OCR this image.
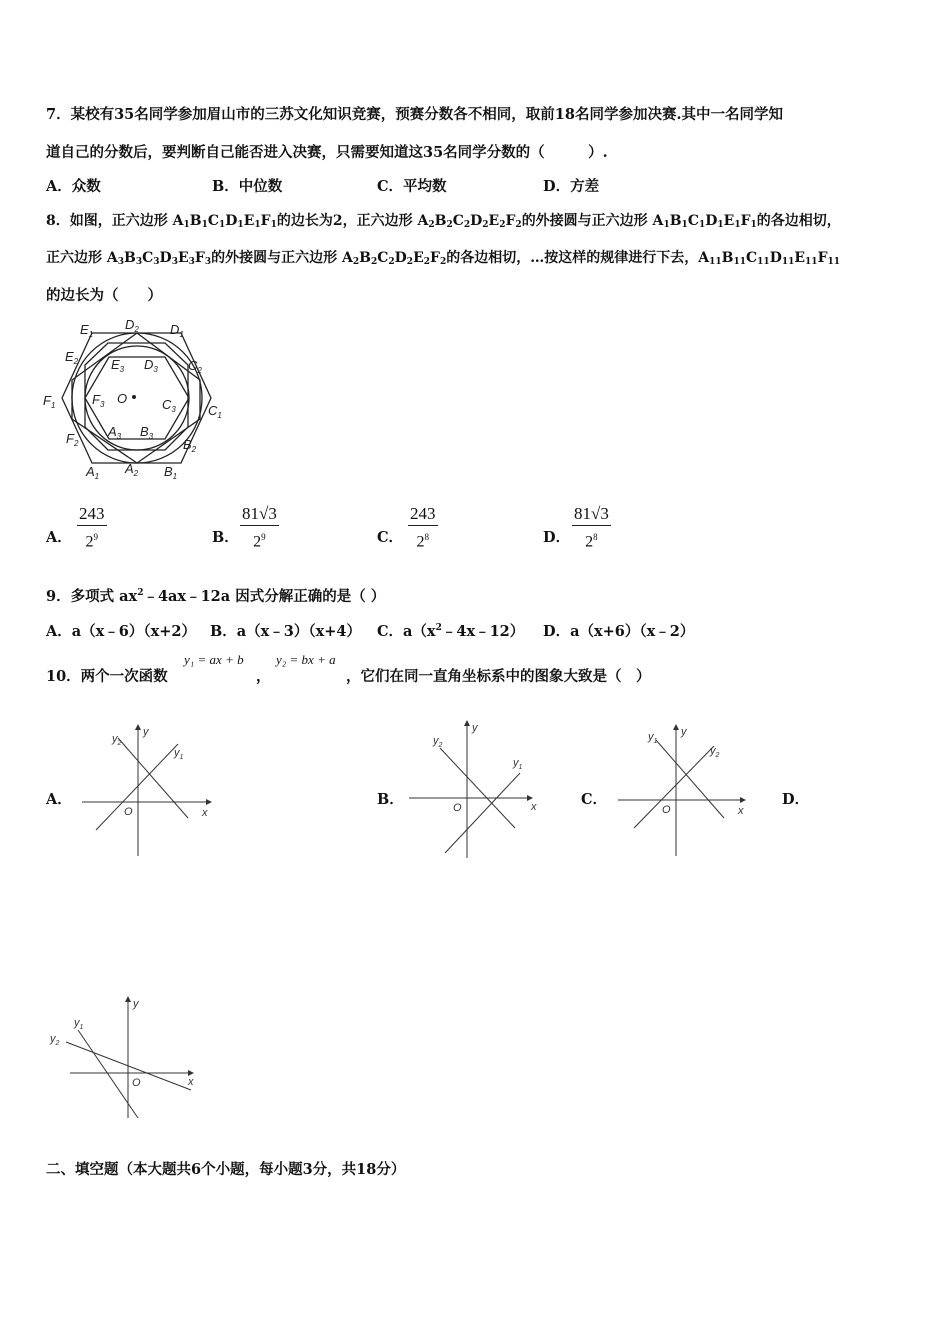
7．某校有35名同学参加眉山市的三苏文化知识竞赛，预赛分数各不相同，取前18名同学参加决赛.其中一名同学知
道自己的分数后，要判断自己能否进入决赛，只需要知道这35名同学分数的（　　　）.
A．众数	B．中位数	C．平均数	D．方差
8．如图，正六边形 $A_1B_1C_1D_1E_1F_1$的边长为2，正六边形 $A_2B_2C_2D_2E_2F_2$的外接圆与正六边形 $A_1B_1C_1D_1E_1F_1$的各边相切，
正六边形 $A_3B_3C_3D_3E_3F_3$的外接圆与正六边形 $A_2B_2C_2D_2E_2F_2$的各边相切，…按这样的规律进行下去，$A_{11}B_{11}C_{11}D_{11}E_{11}F_{11}$
的边长为（　　）
$E_1$
$D_2$ $D_1$
$E_2$	$E_3$ $D_3$ $C_2$
$F_1$	$F_3$ O	$C_3$ $C_1$
$F_2$
$A_3$ $B_3$
$B_2$
$A_1$
$A_2$ $B_1$
A． $\frac{243}{2^9}$	B． $\frac{81√3}{2^9}$	C． $\frac{243}{2^8}$	D． $\frac{81√3}{2^8}$
9．多项式 $ax^2﹣4ax﹣12a$ 因式分解正确的是（ ）
A．a（x﹣6）（x+2） B．a（x﹣3）（x+4） C．$a(x^2﹣4x﹣12)$ D．a（x+6）（x﹣2）
10．两个一次函数
y₁ = ax + b
，
y₂ = bx + a
，它们在同一直角坐标系中的图象大致是（　）
A．	B．	C．	D．
x
y
O
$y_2$
$y_1$
x
y
O
$y_2$
$y_1$
x
y
O
$y_1$
$y_2$
x
y
O
$y_1$
$y_2$
二、填空题（本大题共6个小题，每小题3分，共18分）
